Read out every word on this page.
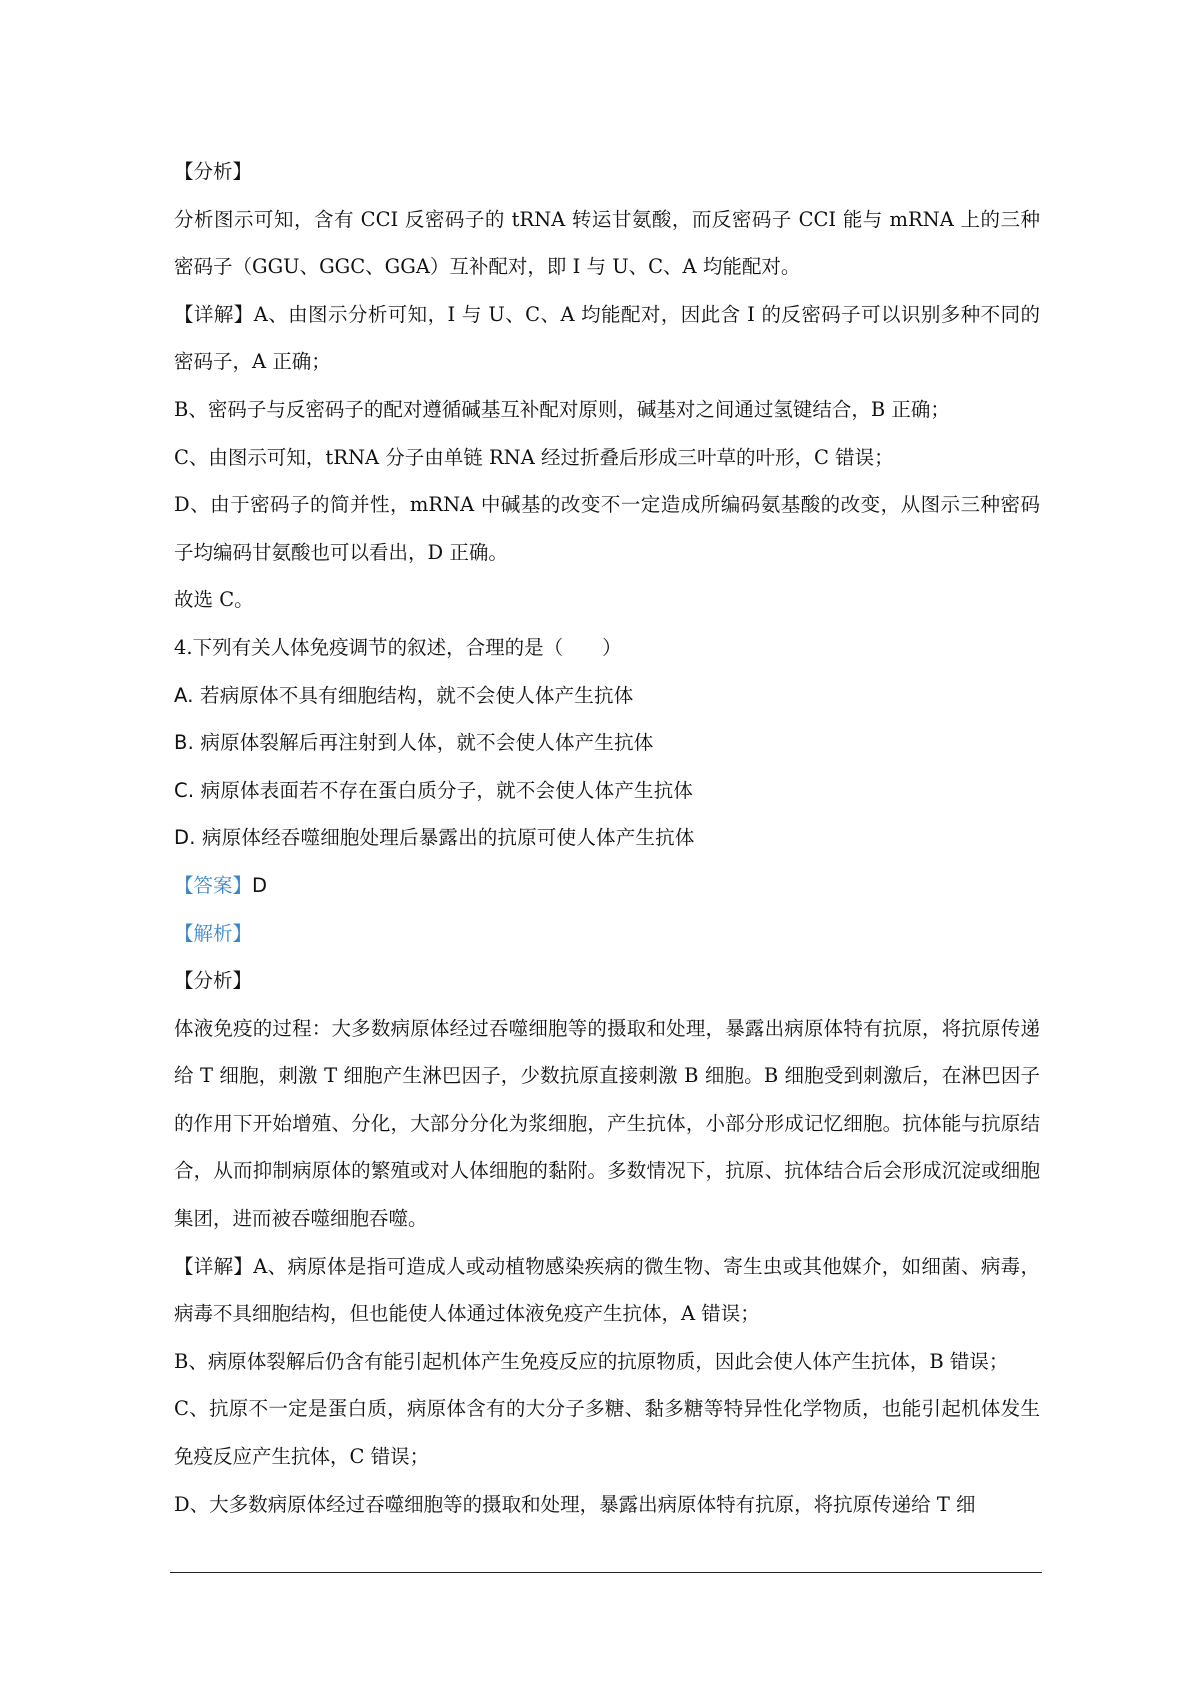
【分析】
分析图示可知，含有 CCI 反密码子的 tRNA 转运甘氨酸，而反密码子 CCI 能与 mRNA 上的三种密码子（GGU、GGC、GGA）互补配对，即 I 与 U、C、A 均能配对。
【详解】A、由图示分析可知，I 与 U、C、A 均能配对，因此含 I 的反密码子可以识别多种不同的密码子，A 正确；
B、密码子与反密码子的配对遵循碱基互补配对原则，碱基对之间通过氢键结合，B 正确；
C、由图示可知，tRNA 分子由单链 RNA 经过折叠后形成三叶草的叶形，C 错误；
D、由于密码子的简并性，mRNA 中碱基的改变不一定造成所编码氨基酸的改变，从图示三种密码子均编码甘氨酸也可以看出，D 正确。
故选 C。
4.下列有关人体免疫调节的叙述，合理的是（　　）
A. 若病原体不具有细胞结构，就不会使人体产生抗体
B. 病原体裂解后再注射到人体，就不会使人体产生抗体
C. 病原体表面若不存在蛋白质分子，就不会使人体产生抗体
D. 病原体经吞噬细胞处理后暴露出的抗原可使人体产生抗体
【答案】D
【解析】
【分析】
体液免疫的过程：大多数病原体经过吞噬细胞等的摄取和处理，暴露出病原体特有抗原，将抗原传递给 T 细胞，刺激 T 细胞产生淋巴因子，少数抗原直接刺激 B 细胞。B 细胞受到刺激后，在淋巴因子的作用下开始增殖、分化，大部分分化为浆细胞，产生抗体，小部分形成记忆细胞。抗体能与抗原结合，从而抑制病原体的繁殖或对人体细胞的黏附。多数情况下，抗原、抗体结合后会形成沉淀或细胞集团，进而被吞噬细胞吞噬。
【详解】A、病原体是指可造成人或动植物感染疾病的微生物、寄生虫或其他媒介，如细菌、病毒，病毒不具细胞结构，但也能使人体通过体液免疫产生抗体，A 错误；
B、病原体裂解后仍含有能引起机体产生免疫反应的抗原物质，因此会使人体产生抗体，B 错误；
C、抗原不一定是蛋白质，病原体含有的大分子多糖、黏多糖等特异性化学物质，也能引起机体发生免疫反应产生抗体，C 错误；
D、大多数病原体经过吞噬细胞等的摄取和处理，暴露出病原体特有抗原，将抗原传递给 T 细
